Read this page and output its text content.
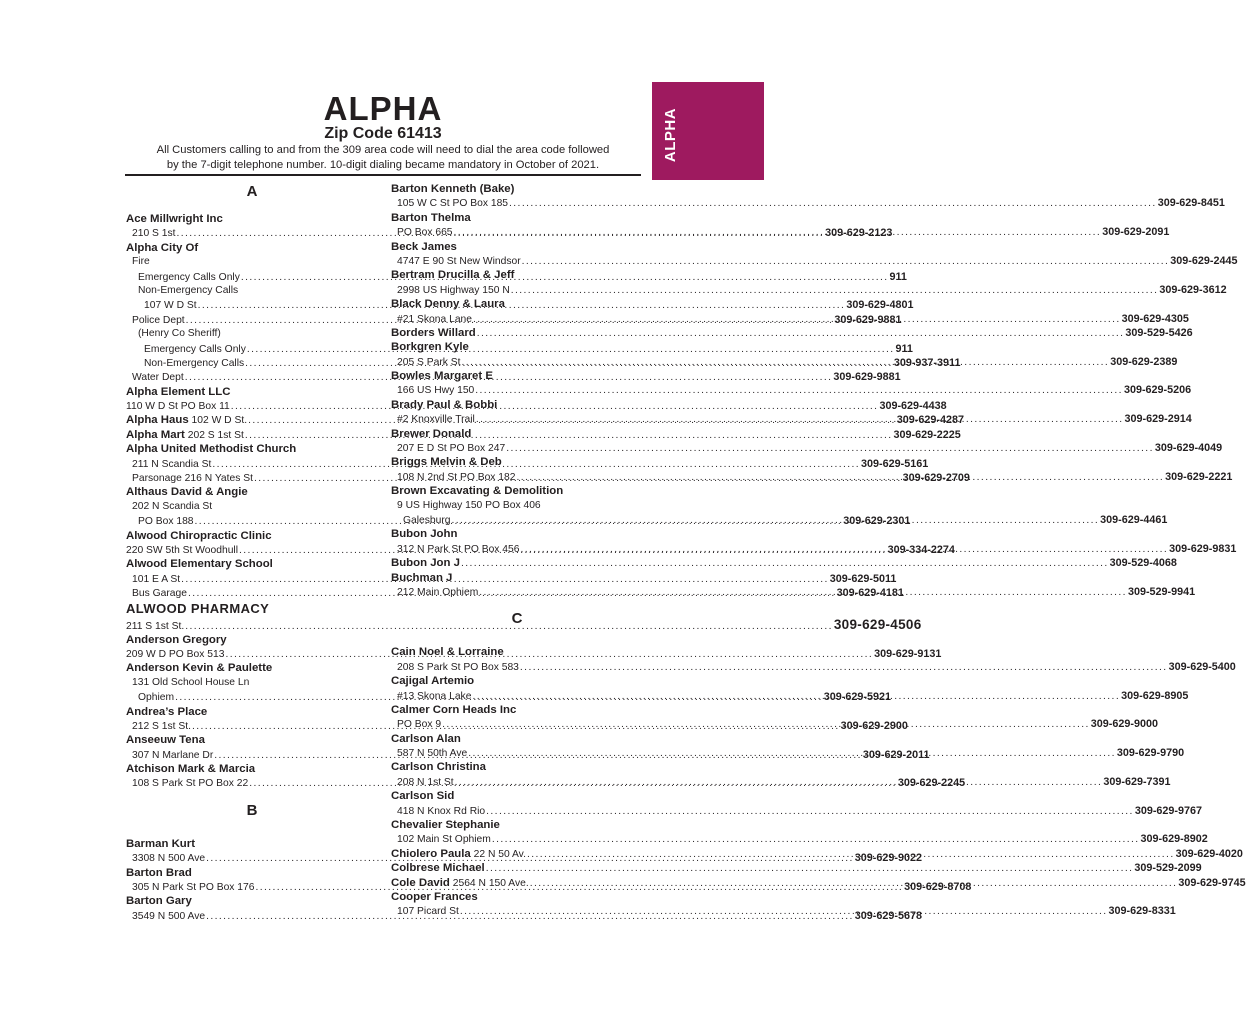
ALPHA
ALPHA
Zip Code 61413
All Customers calling to and from the 309 area code will need to dial the area code followed
by the 7-digit telephone number. 10-digit dialing became mandatory in October of 2021.
A
Ace Millwright Inc
210 S 1st .....	309-629-2123
Alpha City Of
Fire
Emergency Calls Only .....	911
Non-Emergency Calls
107 W D St .....	309-629-4801
Police Dept .....	309-629-9881
(Henry Co Sheriff)
Emergency Calls Only .....	911
Non-Emergency Calls .....	309-937-3911
Water Dept .....	309-629-9881
Alpha Element LLC
110 W D St PO Box 11 .....	309-629-4438
Alpha Haus 102 W D St. .....	309-629-4287
Alpha Mart 202 S 1st St .....	309-629-2225
Alpha United Methodist Church
211 N Scandia St .....	309-629-5161
Parsonage 216 N Yates St .....	309-629-2709
Althaus David & Angie
202 N Scandia St
PO Box 188 .....	309-629-2301
Alwood Chiropractic Clinic
220 SW 5th St Woodhull .....	309-334-2274
Alwood Elementary School
101 E A St .....	309-629-5011
Bus Garage .....	309-629-4181
ALWOOD PHARMACY
211 S 1st St. .....	309-629-4506
Anderson Gregory
209 W D PO Box 513 .....	309-629-9131
Anderson Kevin & Paulette
131 Old School House Ln
Ophiem .....	309-629-5921
Andrea’s Place
212 S 1st St. .....	309-629-2900
Anseeuw Tena
307 N Marlane Dr .....	309-629-2011
Atchison Mark & Marcia
108 S Park St PO Box 22 .....	309-629-2245
B
Barman Kurt
3308 N 500 Ave .....	309-629-9022
Barton Brad
305 N Park St PO Box 176 .....	309-629-8708
Barton Gary
3549 N 500 Ave .....	309-629-5678
Barton Kenneth (Bake)
105 W C St PO Box 185 .....	309-629-8451
Barton Thelma
PO Box 665 .....	309-629-2091
Beck James
4747 E 90 St New Windsor .....	309-629-2445
Bertram Drucilla & Jeff
2998 US Highway 150 N .....	309-629-3612
Black Denny & Laura
#21 Skona Lane .....	309-629-4305
Borders Willard .....	309-529-5426
Borkgren Kyle
205 S Park St .....	309-629-2389
Bowles Margaret E
166 US Hwy 150 .....	309-629-5206
Brady Paul & Bobbi
#2 Knoxville Trail .....	309-629-2914
Brewer Donald
207 E D St PO Box 247 .....	309-629-4049
Briggs Melvin & Deb
108 N 2nd St PO Box 182 .....	309-629-2221
Brown Excavating & Demolition
9 US Highway 150 PO Box 406
Galesburg .....	309-629-4461
Bubon John
312 N Park St PO Box 456 .....	309-629-9831
Bubon Jon J .....	309-529-4068
Buchman J
212 Main Ophiem .....	309-529-9941
C
Cain Noel & Lorraine
208 S Park St PO Box 583 .....	309-629-5400
Cajigal Artemio
#13 Skona Lake .....	309-629-8905
Calmer Corn Heads Inc
PO Box 9 .....	309-629-9000
Carlson Alan
587 N 50th Ave .....	309-629-9790
Carlson Christina
208 N 1st St .....	309-629-7391
Carlson Sid
418 N Knox Rd Rio .....	309-629-9767
Chevalier Stephanie
102 Main St Ophiem .....	309-629-8902
Chiolero Paula 22 N 50 Av. .....	309-629-4020
Colbrese Michael .....	309-529-2099
Cole David 2564 N 150 Ave. .....	309-629-9745
Cooper Frances
107 Picard St .....	309-629-8331
